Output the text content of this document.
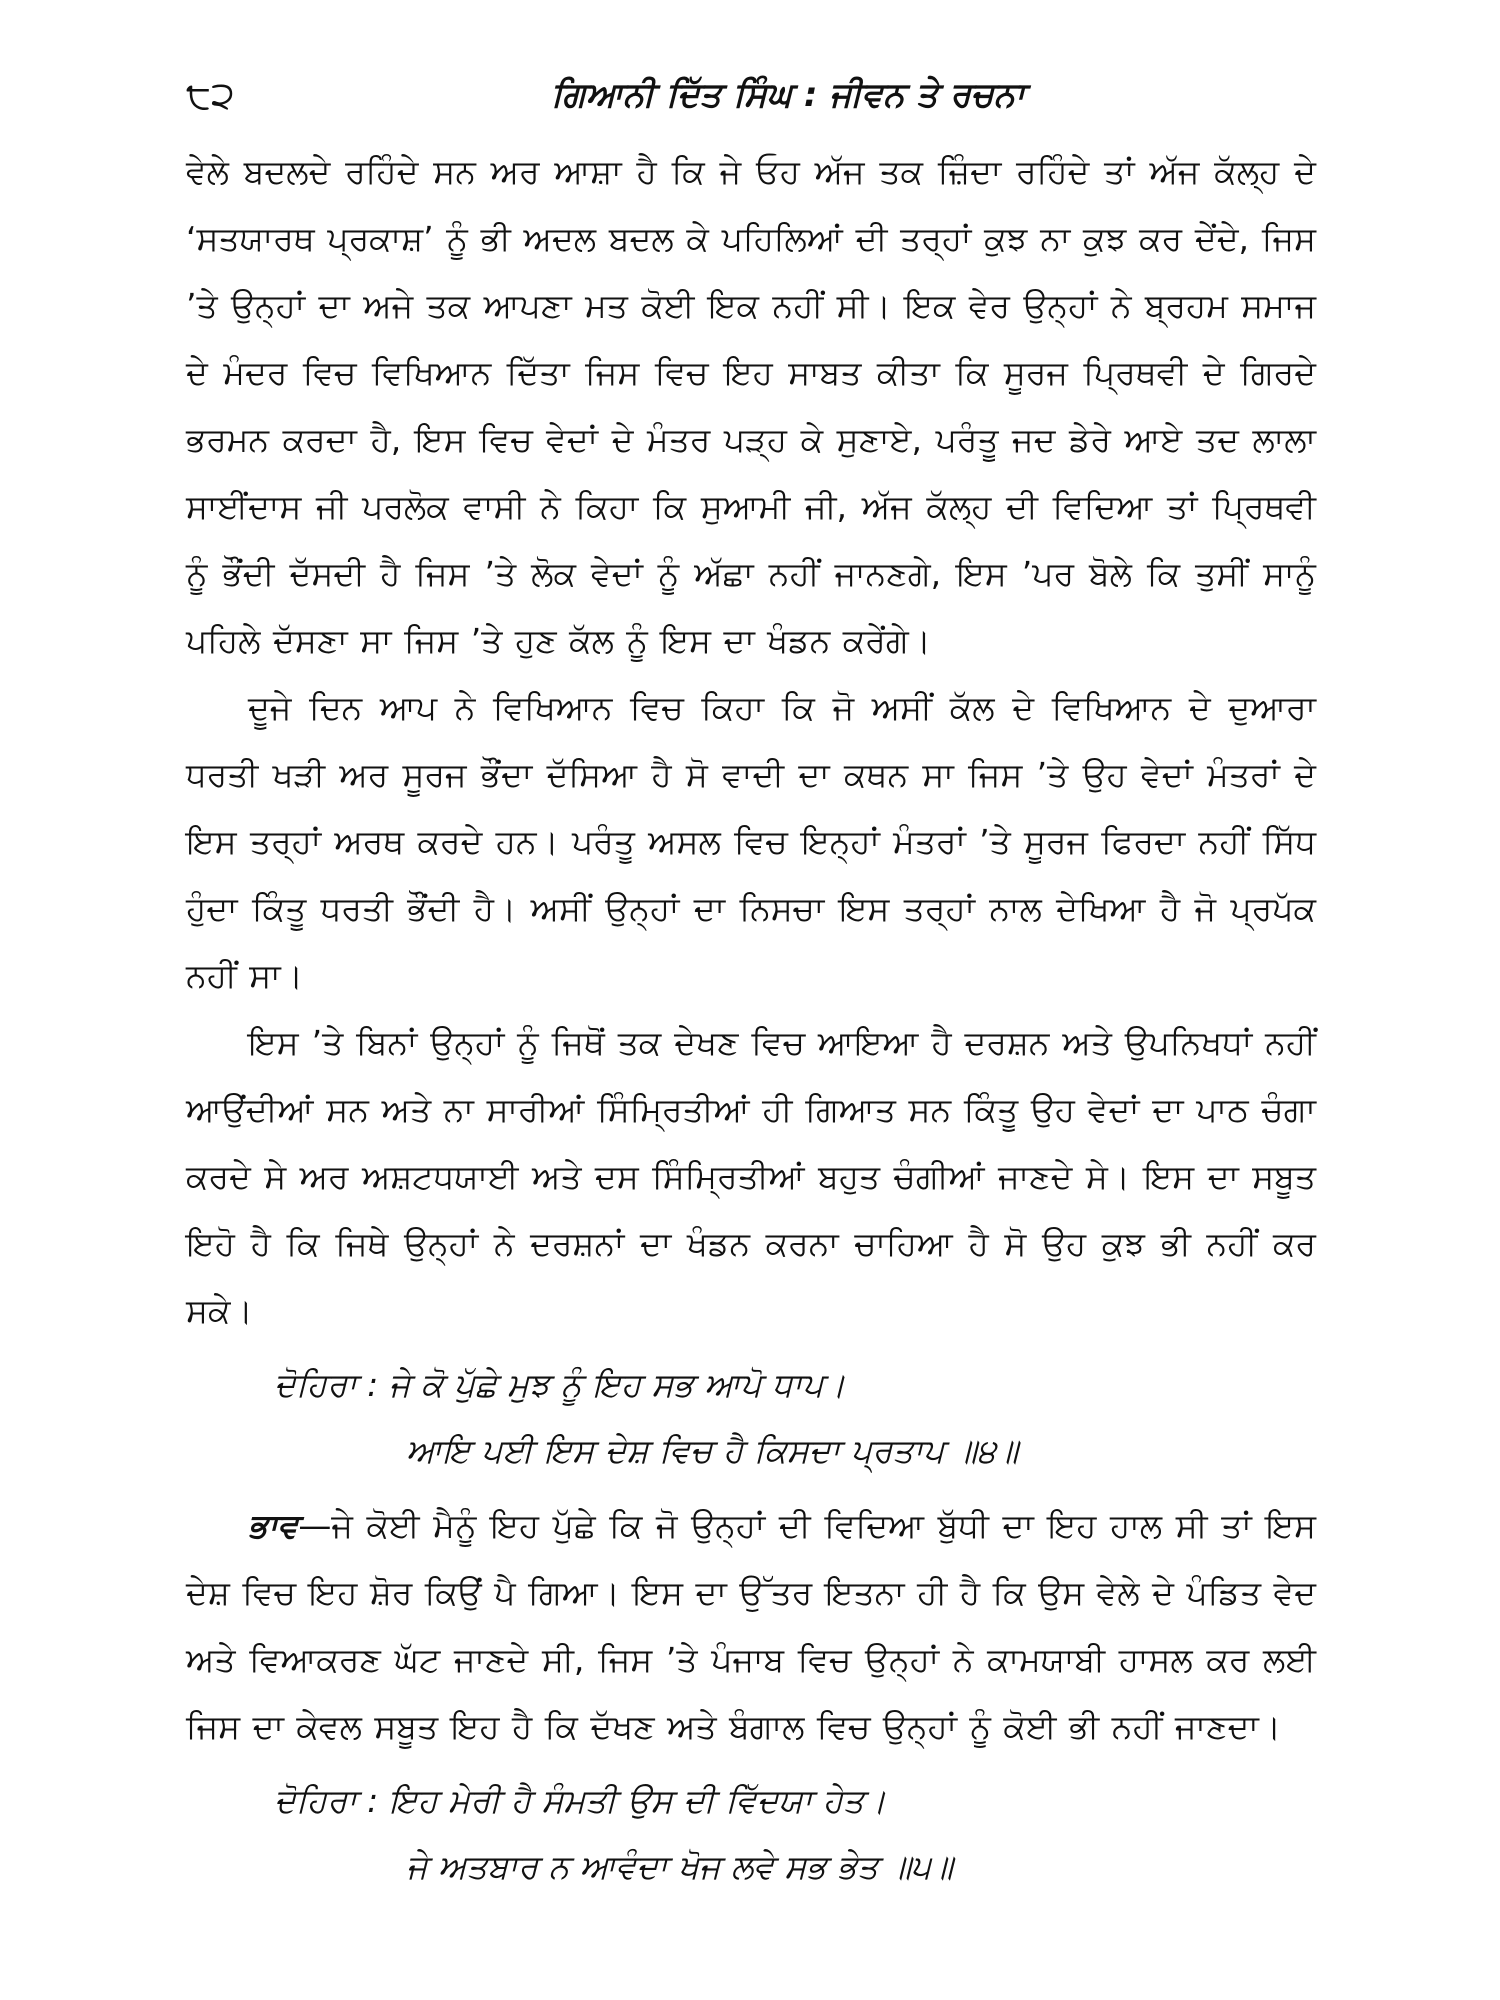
੮੨	ਗਿਆਨੀ ਦਿੱਤ ਸਿੰਘ : ਜੀਵਨ ਤੇ ਰਚਨਾ

ਵੇਲੇ ਬਦਲਦੇ ਰਹਿੰਦੇ ਸਨ ਅਰ ਆਸ਼ਾ ਹੈ ਕਿ ਜੇ ਓਹ ਅੱਜ ਤਕ ਜ਼ਿੰਦਾ ਰਹਿੰਦੇ ਤਾਂ ਅੱਜ ਕੱਲ੍ਹ ਦੇ ‘ਸਤਯਾਰਥ ਪ੍ਰਕਾਸ਼’ ਨੂੰ ਭੀ ਅਦਲ ਬਦਲ ਕੇ ਪਹਿਲਿਆਂ ਦੀ ਤਰ੍ਹਾਂ ਕੁਝ ਨਾ ਕੁਝ ਕਰ ਦੇਂਦੇ, ਜਿਸ ’ਤੇ ਉਨ੍ਹਾਂ ਦਾ ਅਜੇ ਤਕ ਆਪਣਾ ਮਤ ਕੋਈ ਇਕ ਨਹੀਂ ਸੀ। ਇਕ ਵੇਰ ਉਨ੍ਹਾਂ ਨੇ ਬ੍ਰਹਮ ਸਮਾਜ ਦੇ ਮੰਦਰ ਵਿਚ ਵਿਖਿਆਨ ਦਿੱਤਾ ਜਿਸ ਵਿਚ ਇਹ ਸਾਬਤ ਕੀਤਾ ਕਿ ਸੂਰਜ ਪ੍ਰਿਥਵੀ ਦੇ ਗਿਰਦੇ ਭਰਮਨ ਕਰਦਾ ਹੈ, ਇਸ ਵਿਚ ਵੇਦਾਂ ਦੇ ਮੰਤਰ ਪੜ੍ਹ ਕੇ ਸੁਣਾਏ, ਪਰੰਤੂ ਜਦ ਡੇਰੇ ਆਏ ਤਦ ਲਾਲਾ ਸਾਈਂਦਾਸ ਜੀ ਪਰਲੋਕ ਵਾਸੀ ਨੇ ਕਿਹਾ ਕਿ ਸੁਆਮੀ ਜੀ, ਅੱਜ ਕੱਲ੍ਹ ਦੀ ਵਿਦਿਆ ਤਾਂ ਪ੍ਰਿਥਵੀ ਨੂੰ ਭੌਂਦੀ ਦੱਸਦੀ ਹੈ ਜਿਸ ’ਤੇ ਲੋਕ ਵੇਦਾਂ ਨੂੰ ਅੱਛਾ ਨਹੀਂ ਜਾਨਣਗੇ, ਇਸ ’ਪਰ ਬੋਲੇ ਕਿ ਤੁਸੀਂ ਸਾਨੂੰ ਪਹਿਲੇ ਦੱਸਣਾ ਸਾ ਜਿਸ ’ਤੇ ਹੁਣ ਕੱਲ ਨੂੰ ਇਸ ਦਾ ਖੰਡਨ ਕਰੇਂਗੇ।

ਦੂਜੇ ਦਿਨ ਆਪ ਨੇ ਵਿਖਿਆਨ ਵਿਚ ਕਿਹਾ ਕਿ ਜੋ ਅਸੀਂ ਕੱਲ ਦੇ ਵਿਖਿਆਨ ਦੇ ਦੁਆਰਾ ਧਰਤੀ ਖੜੀ ਅਰ ਸੂਰਜ ਭੌਂਦਾ ਦੱਸਿਆ ਹੈ ਸੋ ਵਾਦੀ ਦਾ ਕਥਨ ਸਾ ਜਿਸ ’ਤੇ ਉਹ ਵੇਦਾਂ ਮੰਤਰਾਂ ਦੇ ਇਸ ਤਰ੍ਹਾਂ ਅਰਥ ਕਰਦੇ ਹਨ। ਪਰੰਤੂ ਅਸਲ ਵਿਚ ਇਨ੍ਹਾਂ ਮੰਤਰਾਂ ’ਤੇ ਸੂਰਜ ਫਿਰਦਾ ਨਹੀਂ ਸਿੱਧ ਹੁੰਦਾ ਕਿੰਤੂ ਧਰਤੀ ਭੌਂਦੀ ਹੈ। ਅਸੀਂ ਉਨ੍ਹਾਂ ਦਾ ਨਿਸਚਾ ਇਸ ਤਰ੍ਹਾਂ ਨਾਲ ਦੇਖਿਆ ਹੈ ਜੋ ਪ੍ਰਪੱਕ ਨਹੀਂ ਸਾ।

ਇਸ ’ਤੇ ਬਿਨਾਂ ਉਨ੍ਹਾਂ ਨੂੰ ਜਿਥੋਂ ਤਕ ਦੇਖਣ ਵਿਚ ਆਇਆ ਹੈ ਦਰਸ਼ਨ ਅਤੇ ਉਪਨਿਖਧਾਂ ਨਹੀਂ ਆਉਂਦੀਆਂ ਸਨ ਅਤੇ ਨਾ ਸਾਰੀਆਂ ਸਿੰਮ੍ਰਿਤੀਆਂ ਹੀ ਗਿਆਤ ਸਨ ਕਿੰਤੂ ਉਹ ਵੇਦਾਂ ਦਾ ਪਾਠ ਚੰਗਾ ਕਰਦੇ ਸੇ ਅਰ ਅਸ਼ਟਧਯਾਈ ਅਤੇ ਦਸ ਸਿੰਮ੍ਰਿਤੀਆਂ ਬਹੁਤ ਚੰਗੀਆਂ ਜਾਣਦੇ ਸੇ। ਇਸ ਦਾ ਸਬੂਤ ਇਹੋ ਹੈ ਕਿ ਜਿਥੇ ਉਨ੍ਹਾਂ ਨੇ ਦਰਸ਼ਨਾਂ ਦਾ ਖੰਡਨ ਕਰਨਾ ਚਾਹਿਆ ਹੈ ਸੋ ਉਹ ਕੁਝ ਭੀ ਨਹੀਂ ਕਰ ਸਕੇ।

ਦੋਹਿਰਾ : ਜੇ ਕੋ ਪੁੱਛੇ ਮੁਝ ਨੂੰ ਇਹ ਸਭ ਆਪੋ ਧਾਪ।
ਆਇ ਪਈ ਇਸ ਦੇਸ਼ ਵਿਚ ਹੈ ਕਿਸਦਾ ਪ੍ਰਤਾਪ ॥੪॥

ਭਾਵ—ਜੇ ਕੋਈ ਮੈਨੂੰ ਇਹ ਪੁੱਛੇ ਕਿ ਜੋ ਉਨ੍ਹਾਂ ਦੀ ਵਿਦਿਆ ਬੁੱਧੀ ਦਾ ਇਹ ਹਾਲ ਸੀ ਤਾਂ ਇਸ ਦੇਸ਼ ਵਿਚ ਇਹ ਸ਼ੋਰ ਕਿਉਂ ਪੈ ਗਿਆ। ਇਸ ਦਾ ਉੱਤਰ ਇਤਨਾ ਹੀ ਹੈ ਕਿ ਉਸ ਵੇਲੇ ਦੇ ਪੰਡਿਤ ਵੇਦ ਅਤੇ ਵਿਆਕਰਣ ਘੱਟ ਜਾਣਦੇ ਸੀ, ਜਿਸ ’ਤੇ ਪੰਜਾਬ ਵਿਚ ਉਨ੍ਹਾਂ ਨੇ ਕਾਮਯਾਬੀ ਹਾਸਲ ਕਰ ਲਈ ਜਿਸ ਦਾ ਕੇਵਲ ਸਬੂਤ ਇਹ ਹੈ ਕਿ ਦੱਖਣ ਅਤੇ ਬੰਗਾਲ ਵਿਚ ਉਨ੍ਹਾਂ ਨੂੰ ਕੋਈ ਭੀ ਨਹੀਂ ਜਾਣਦਾ।

ਦੋਹਿਰਾ : ਇਹ ਮੇਰੀ ਹੈ ਸੰਮਤੀ ਉਸ ਦੀ ਵਿੱਦਯਾ ਹੇਤ।
ਜੇ ਅਤਬਾਰ ਨ ਆਵੰਦਾ ਖੋਜ ਲਵੇ ਸਭ ਭੇਤ ॥੫॥
